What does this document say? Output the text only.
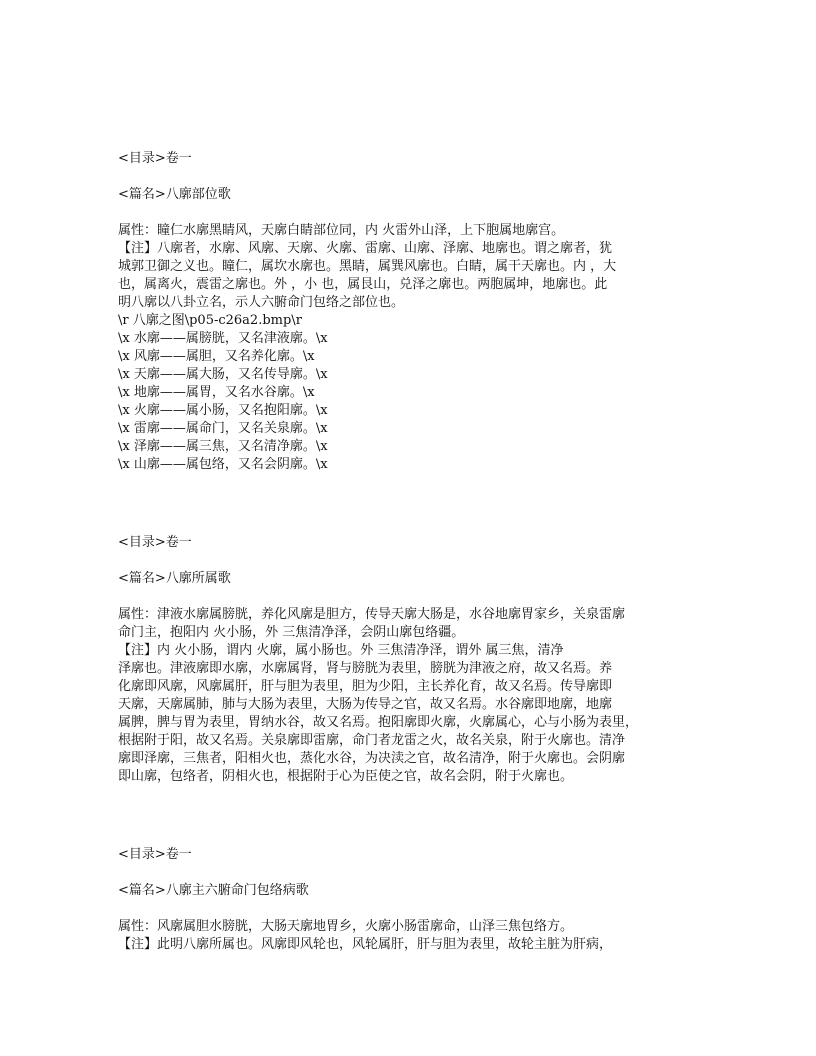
<目录>卷一
<篇名>八廓部位歌
属性：瞳仁水廓黑睛风，天廓白睛部位同，内 火雷外山泽，上下胞属地廓宫。
【注】八廓者，水廓、风廓、天廓、火廓、雷廓、山廓、泽廓、地廓也。谓之廓者，犹
城郭卫御之义也。瞳仁，属坎水廓也。黑睛，属巽风廓也。白睛，属干天廓也。内 ，大
也，属离火，震雷之廓也。外 ，小 也，属艮山，兑泽之廓也。两胞属坤，地廓也。此
明八廓以八卦立名，示人六腑命门包络之部位也。
\r 八廓之图\p05-c26a2.bmp\r
\x 水廓——属膀胱，又名津液廓。\x
\x 风廓——属胆，又名养化廓。\x
\x 天廓——属大肠，又名传导廓。\x
\x 地廓——属胃，又名水谷廓。\x
\x 火廓——属小肠，又名抱阳廓。\x
\x 雷廓——属命门，又名关泉廓。\x
\x 泽廓——属三焦，又名清净廓。\x
\x 山廓——属包络，又名会阴廓。\x
<目录>卷一
<篇名>八廓所属歌
属性：津液水廓属膀胱，养化风廓是胆方，传导天廓大肠是，水谷地廓胃家乡，关泉雷廓
命门主，抱阳内 火小肠，外 三焦清净泽，会阴山廓包络疆。
【注】内 火小肠，谓内 火廓，属小肠也。外 三焦清净泽，谓外 属三焦，清净
泽廓也。津液廓即水廓，水廓属肾，肾与膀胱为表里，膀胱为津液之府，故又名焉。养
化廓即风廓，风廓属肝，肝与胆为表里，胆为少阳，主长养化育，故又名焉。传导廓即
天廓，天廓属肺，肺与大肠为表里，大肠为传导之官，故又名焉。水谷廓即地廓，地廓
属脾，脾与胃为表里，胃纳水谷，故又名焉。抱阳廓即火廓，火廓属心，心与小肠为表里，
根据附于阳，故又名焉。关泉廓即雷廓，命门者龙雷之火，故名关泉，附于火廓也。清净
廓即泽廓，三焦者，阳相火也，蒸化水谷，为决渎之官，故名清净，附于火廓也。会阴廓
即山廓，包络者，阴相火也，根据附于心为臣使之官，故名会阴，附于火廓也。
<目录>卷一
<篇名>八廓主六腑命门包络病歌
属性：风廓属胆水膀胱，大肠天廓地胃乡，火廓小肠雷廓命，山泽三焦包络方。
【注】此明八廓所属也。风廓即风轮也，风轮属肝，肝与胆为表里，故轮主脏为肝病，
